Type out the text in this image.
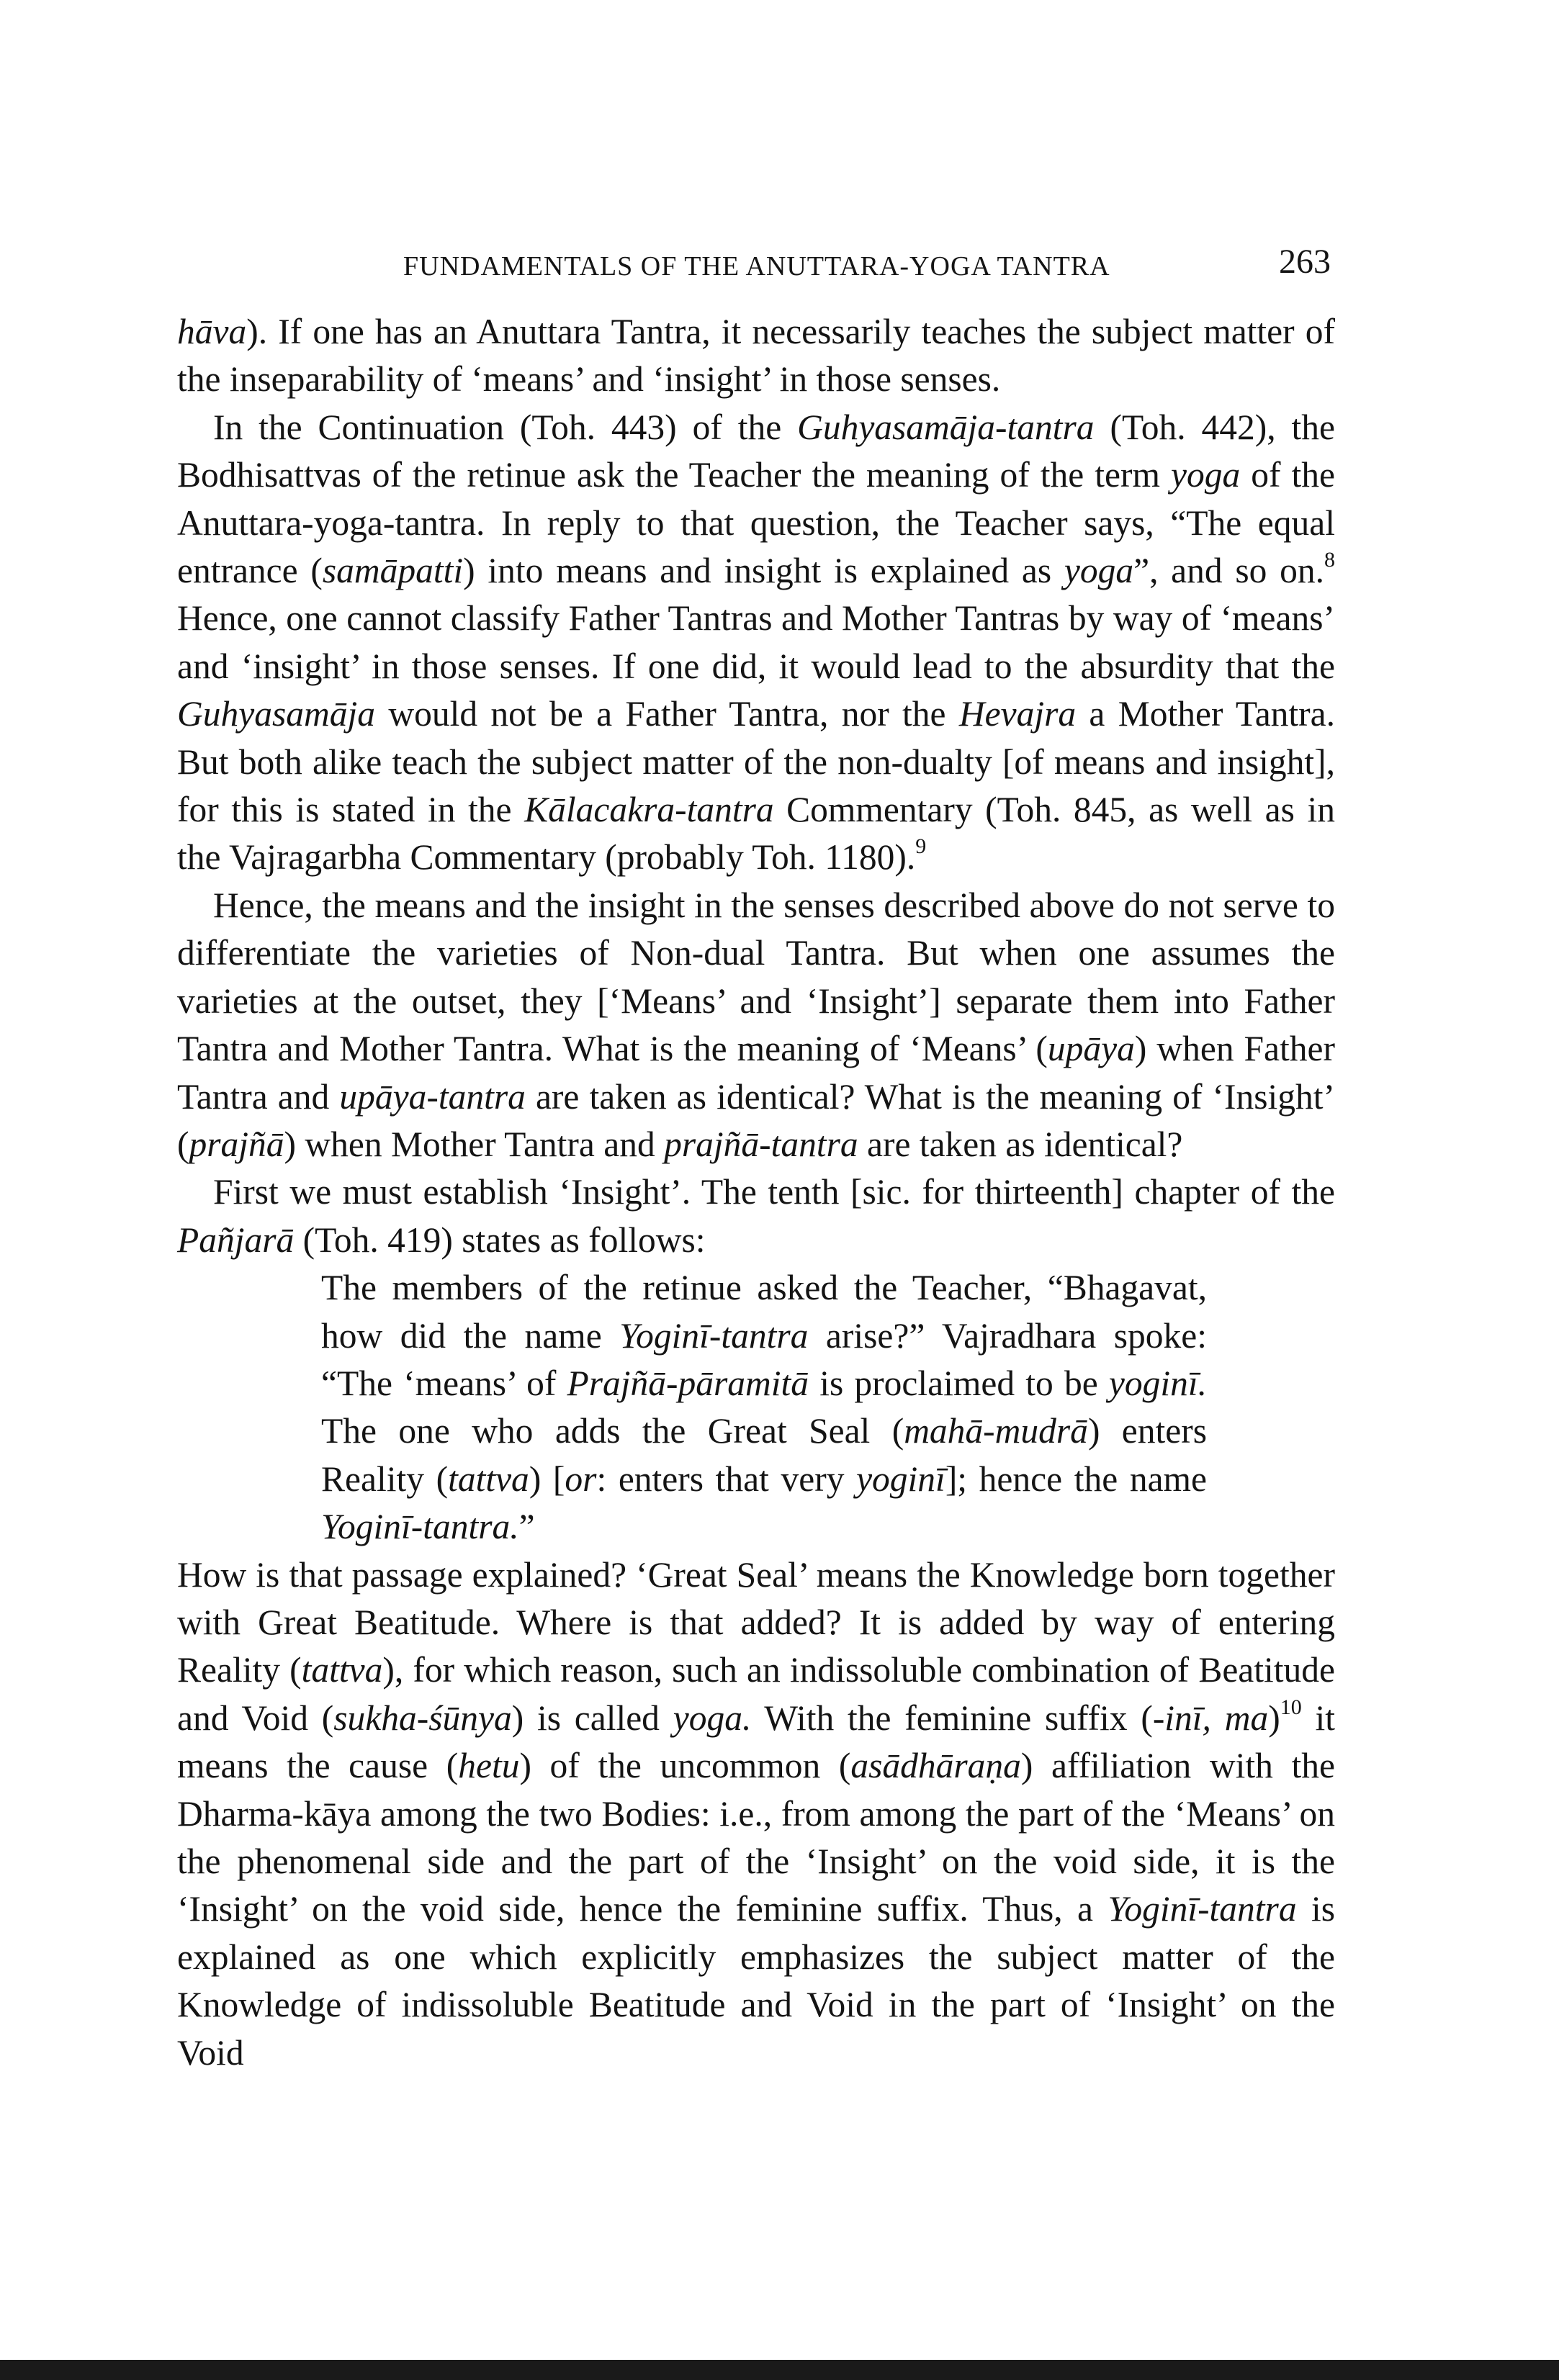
FUNDAMENTALS OF THE ANUTTARA-YOGA TANTRA	263

hāva). If one has an Anuttara Tantra, it necessarily teaches the subject matter of the inseparability of ‘means’ and ‘insight’ in those senses.

In the Continuation (Toh. 443) of the Guhyasamāja-tantra (Toh. 442), the Bodhisattvas of the retinue ask the Teacher the meaning of the term yoga of the Anuttara-yoga-tantra. In reply to that question, the Teacher says, “The equal entrance (samāpatti) into means and insight is explained as yoga”, and so on.$^8$ Hence, one cannot classify Father Tantras and Mother Tantras by way of ‘means’ and ‘insight’ in those senses. If one did, it would lead to the absurdity that the Guhyasamāja would not be a Father Tantra, nor the Hevajra a Mother Tantra. But both alike teach the subject matter of the non-dualty [of means and insight], for this is stated in the Kālacakra-tantra Commentary (Toh. 845, as well as in the Vajragarbha Commentary (probably Toh. 1180).$^9$

Hence, the means and the insight in the senses described above do not serve to differentiate the varieties of Non-dual Tantra. But when one assumes the varieties at the outset, they [‘Means’ and ‘Insight’] separate them into Father Tantra and Mother Tantra. What is the meaning of ‘Means’ (upāya) when Father Tantra and upāya-tantra are taken as identical? What is the meaning of ‘Insight’ (prajñā) when Mother Tantra and prajñā-tantra are taken as identical?

First we must establish ‘Insight’. The tenth [sic. for thirteenth] chapter of the Pañjarā (Toh. 419) states as follows:

The members of the retinue asked the Teacher, “Bhagavat, how did the name Yoginī-tantra arise?” Vajradhara spoke: “The ‘means’ of Prajñā-pāramitā is proclaimed to be yoginī. The one who adds the Great Seal (mahā-mudrā) enters Reality (tattva) [or: enters that very yoginī]; hence the name Yoginī-tantra.”

How is that passage explained? ‘Great Seal’ means the Knowledge born together with Great Beatitude. Where is that added? It is added by way of entering Reality (tattva), for which reason, such an indissoluble combination of Beatitude and Void (sukha-śūnya) is called yoga. With the feminine suffix (-inī, ma)$^{10}$ it means the cause (hetu) of the uncommon (asādhāraṇa) affiliation with the Dharma-kāya among the two Bodies: i.e., from among the part of the ‘Means’ on the phenomenal side and the part of the ‘Insight’ on the void side, it is the ‘Insight’ on the void side, hence the feminine suffix. Thus, a Yoginī-tantra is explained as one which explicitly emphasizes the subject matter of the Knowledge of indissoluble Beatitude and Void in the part of ‘Insight’ on the Void
